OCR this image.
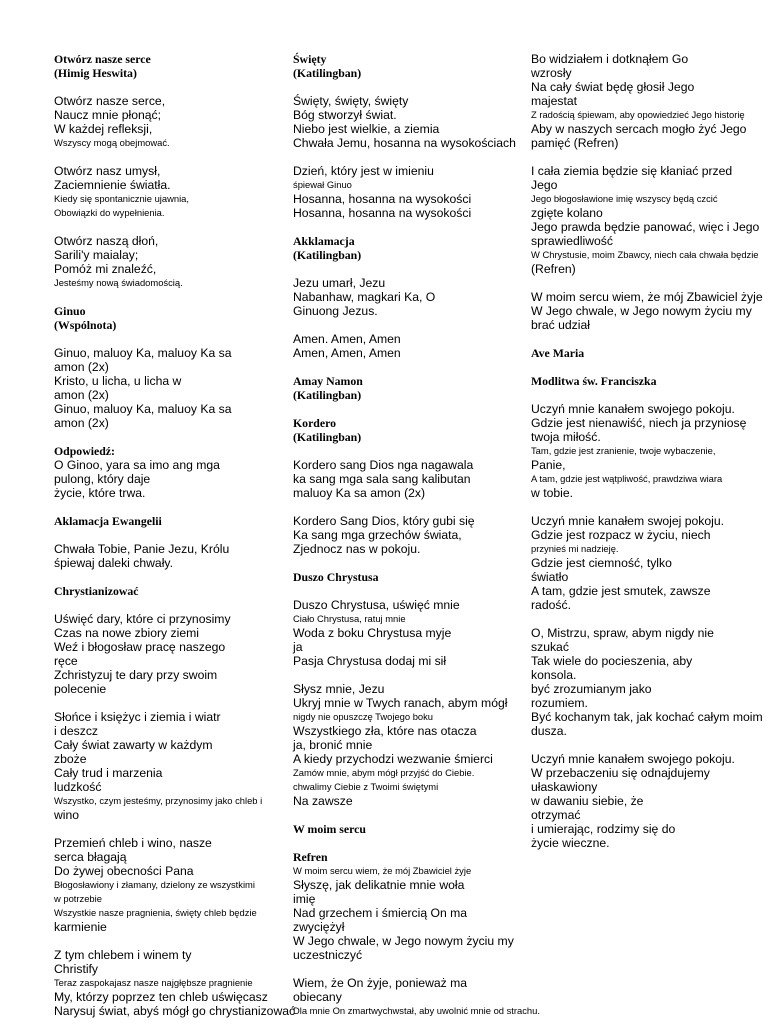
Otwórz nasze serce
(Himig Heswita)
Otwórz nasze serce,
Naucz mnie płonąć;
W każdej refleksji,
Wszyscy mogą obejmować.
Otwórz nasz umysł,
Zaciemnienie światła.
Kiedy się spontanicznie ujawnia,
Obowiązki do wypełnienia.
Otwórz naszą dłoń,
Sarili'y maialay;
Pomóż mi znaleźć,
Jesteśmy nową świadomością.
Ginuo
(Wspólnota)
Ginuo, maluoy Ka, maluoy Ka sa
amon (2x)
Kristo, u licha, u licha w
amon (2x)
Ginuo, maluoy Ka, maluoy Ka sa
amon (2x)
Odpowiedź:
O Ginoo, yara sa imo ang mga
pulong, który daje
życie, które trwa.
Aklamacja Ewangelii
Chwała Tobie, Panie Jezu, Królu
śpiewaj daleki chwały.
Chrystianizować
Uświęć dary, które ci przynosimy
Czas na nowe zbiory ziemi
Weź i błogosław pracę naszego
ręce
Zchristyzuj te dary przy swoim
polecenie
Słońce i księżyc i ziemia i wiatr
i deszcz
Cały świat zawarty w każdym
zboże
Cały trud i marzenia
ludzkość
Wszystko, czym jesteśmy, przynosimy jako chleb i
wino
Przemień chleb i wino, nasze
serca błagają
Do żywej obecności Pana
Błogosławiony i złamany, dzielony ze wszystkimi
w potrzebie
Wszystkie nasze pragnienia, święty chleb będzie
karmienie
Z tym chlebem i winem ty
Christify
Teraz zaspokajasz nasze najgłębsze pragnienie
My, którzy poprzez ten chleb uświęcasz
Narysuj świat, abyś mógł go chrystianizować
Święty
(Katilingban)
Święty, święty, święty
Bóg stworzył świat.
Niebo jest wielkie, a ziemia
Chwała Jemu, hosanna na wysokościach
Dzień, który jest w imieniu
śpiewał Ginuo
Hosanna, hosanna na wysokości
Hosanna, hosanna na wysokości
Akklamacja
(Katilingban)
Jezu umarł, Jezu
Nabanhaw, magkari Ka, O
Ginuong Jezus.
Amen. Amen, Amen
Amen, Amen, Amen
Amay Namon
(Katilingban)
Kordero
(Katilingban)
Kordero sang Dios nga nagawala
ka sang mga sala sang kalibutan
maluoy Ka sa amon (2x)
Kordero Sang Dios, który gubi się
Ka sang mga grzechów świata,
Zjednocz nas w pokoju.
Duszo Chrystusa
Duszo Chrystusa, uświęć mnie
Ciało Chrystusa, ratuj mnie
Woda z boku Chrystusa myje
ja
Pasja Chrystusa dodaj mi sił
Słysz mnie, Jezu
Ukryj mnie w Twych ranach, abym mógł
nigdy nie opuszczę Twojego boku
Wszystkiego zła, które nas otacza
ja, bronić mnie
A kiedy przychodzi wezwanie śmierci
Zamów mnie, abym mógł przyjść do Ciebie.
chwalimy Ciebie z Twoimi świętymi
Na zawsze
W moim sercu
Refren
W moim sercu wiem, że mój Zbawiciel żyje
Słyszę, jak delikatnie mnie woła
imię
Nad grzechem i śmiercią On ma
zwyciężył
W Jego chwale, w Jego nowym życiu my
uczestniczyć
Wiem, że On żyje, ponieważ ma
obiecany
Dla mnie On zmartwychwstał, aby uwolnić mnie od strachu.
Bo widziałem i dotknąłem Go
wzrosły
Na cały świat będę głosił Jego
majestat
Z radością śpiewam, aby opowiedzieć Jego historię
Aby w naszych sercach mogło żyć Jego
pamięć (Refren)
I cała ziemia będzie się kłaniać przed
Jego
Jego błogosławione imię wszyscy będą czcić
zgięte kolano
Jego prawda będzie panować, więc i Jego
sprawiedliwość
W Chrystusie, moim Zbawcy, niech cała chwała będzie
(Refren)
W moim sercu wiem, że mój Zbawiciel żyje
W Jego chwale, w Jego nowym życiu my
brać udział
Ave Maria
Modlitwa św. Franciszka
Uczyń mnie kanałem swojego pokoju.
Gdzie jest nienawiść, niech ja przyniosę
twoja miłość.
Tam, gdzie jest zranienie, twoje wybaczenie,
Panie,
A tam, gdzie jest wątpliwość, prawdziwa wiara
w tobie.
Uczyń mnie kanałem swojej pokoju.
Gdzie jest rozpacz w życiu, niech
przynieś mi nadzieję.
Gdzie jest ciemność, tylko
światło
A tam, gdzie jest smutek, zawsze
radość.
O, Mistrzu, spraw, abym nigdy nie
szukać
Tak wiele do pocieszenia, aby
konsola.
być zrozumianym jako
rozumiem.
Być kochanym tak, jak kochać całym moim
dusza.
Uczyń mnie kanałem swojego pokoju.
W przebaczeniu się odnajdujemy
ułaskawiony
w dawaniu siebie, że
otrzymać
i umierając, rodzimy się do
życie wieczne.
